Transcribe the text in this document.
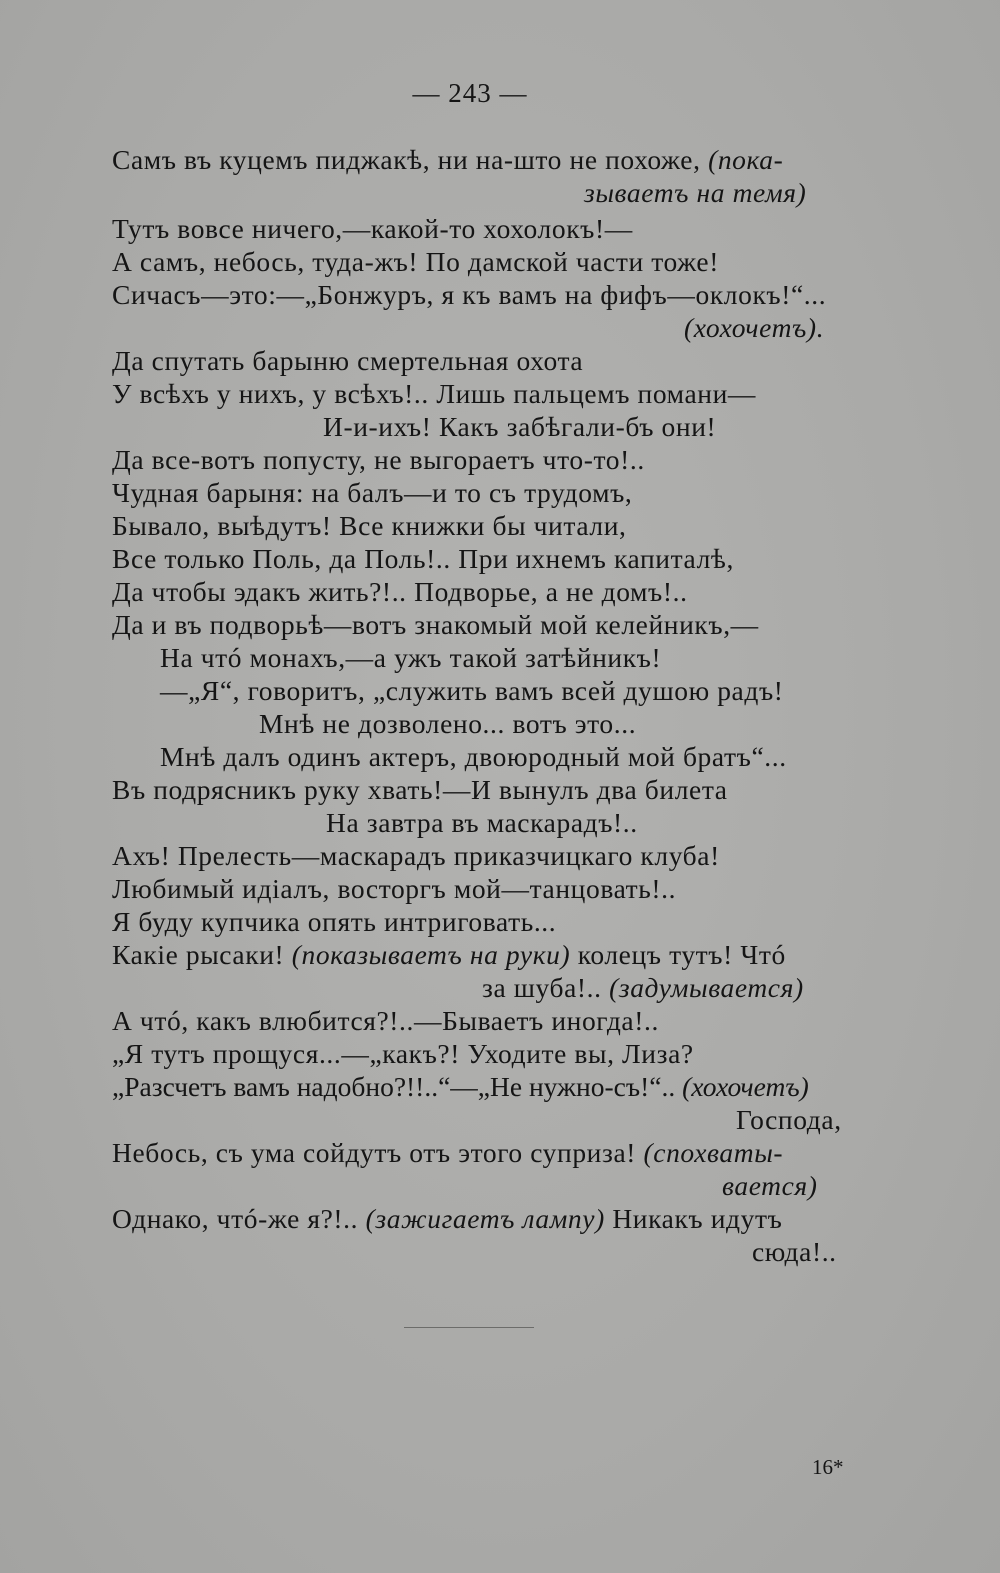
— 243 —
Самъ въ куцемъ пиджакѣ, ни на-што не похоже, (пока-
зываетъ на темя)
Тутъ вовсе ничего,—какой-то хохолокъ!—
А самъ, небось, туда-жъ! По дамской части тоже!
Сичасъ—это:—„Бонжуръ, я къ вамъ на фифъ—оклокъ!“...
(хохочетъ).
Да спутать барыню смертельная охота
У всѣхъ у нихъ, у всѣхъ!.. Лишь пальцемъ помани—
И-и-ихъ! Какъ забѣгали-бъ они!
Да все-вотъ попусту, не выгораетъ что-то!..
Чудная барыня: на балъ—и то съ трудомъ,
Бывало, выѣдутъ! Все книжки бы читали,
Все только Поль, да Поль!.. При ихнемъ капиталѣ,
Да чтобы эдакъ жить?!.. Подворье, а не домъ!..
Да и въ подворьѣ—вотъ знакомый мой келейникъ,—
На чтó монахъ,—а ужъ такой затѣйникъ!
—„Я“, говоритъ, „служить вамъ всей душою радъ!
Мнѣ не дозволено... вотъ это...
Мнѣ далъ одинъ актеръ, двоюродный мой братъ“...
Въ подрясникъ руку хвать!—И вынулъ два билета
На завтра въ маскарадъ!..
Ахъ! Прелесть—маскарадъ приказчицкаго клуба!
Любимый идіалъ, восторгъ мой—танцовать!..
Я буду купчика опять интриговать...
Какіе рысаки! (показываетъ на руки) колецъ тутъ! Чтó
за шуба!.. (задумывается)
А чтó, какъ влюбится?!..—Бываетъ иногда!..
„Я тутъ прощуся...—„какъ?! Уходите вы, Лиза?
„Разсчетъ вамъ надобно?!!..“—„Не нужно-съ!“.. (хохочетъ)
Господа,
Небось, съ ума сойдутъ отъ этого суприза! (спохваты-
вается)
Однако, чтó-же я?!.. (зажигаетъ лампу) Никакъ идутъ
сюда!..
16*
